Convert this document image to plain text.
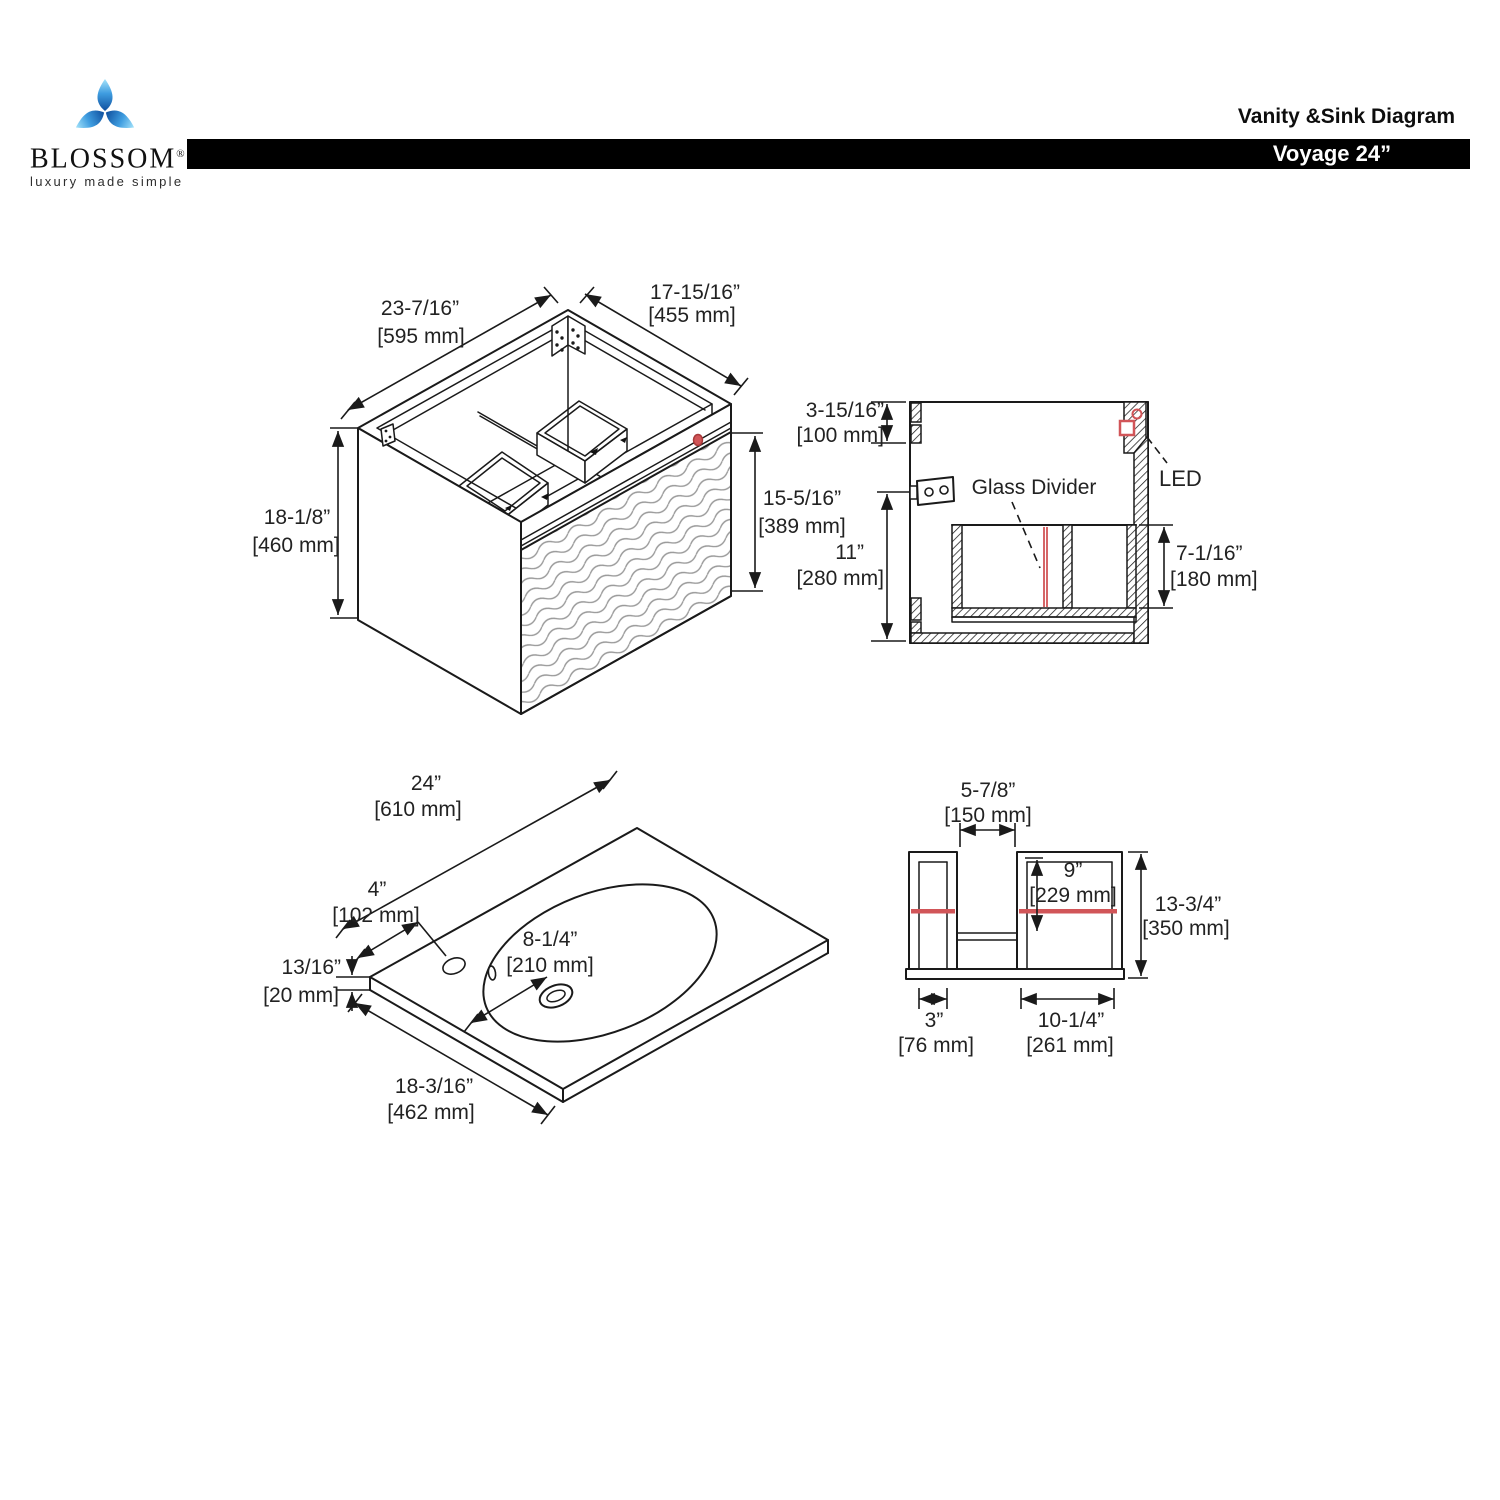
BLOSSOM®
luxury made simple
Vanity &Sink Diagram
Voyage 24”
23-7/16”
[595 mm]
17-15/16”
[455 mm]
18-1/8”
[460 mm]
15-5/16”
[389 mm]
3-15/16”
[100 mm]
11”
[280 mm]
7-1/16”
[180 mm]
Glass Divider	LED
24”
[610 mm]
4”
[102 mm]
8-1/4”
[210 mm]
13/16”
[20 mm]
18-3/16”
[462 mm]
5-7/8”
[150 mm]
9”
[229 mm] 13-3/4”
[350 mm]
3”
[76 mm]
10-1/4”
[261 mm]
